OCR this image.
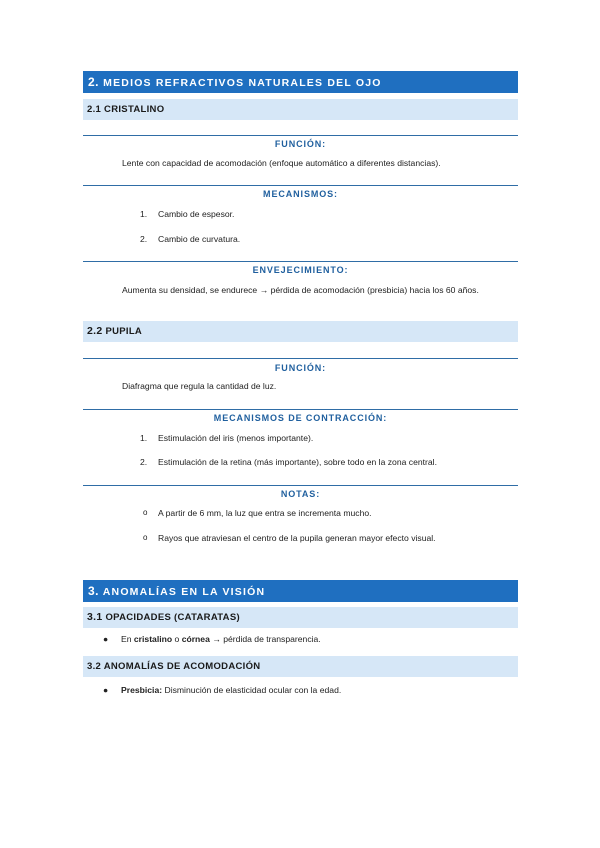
2. MEDIOS REFRACTIVOS NATURALES DEL OJO
2.1 CRISTALINO
FUNCIÓN:
Lente con capacidad de acomodación (enfoque automático a diferentes distancias).
MECANISMOS:
1. Cambio de espesor.
2. Cambio de curvatura.
ENVEJECIMIENTO:
Aumenta su densidad, se endurece → pérdida de acomodación (presbicia) hacia los 60 años.
2.2 PUPILA
FUNCIÓN:
Diafragma que regula la cantidad de luz.
MECANISMOS DE CONTRACCIÓN:
1. Estimulación del iris (menos importante).
2. Estimulación de la retina (más importante), sobre todo en la zona central.
NOTAS:
o A partir de 6 mm, la luz que entra se incrementa mucho.
o Rayos que atraviesan el centro de la pupila generan mayor efecto visual.
3. ANOMALÍAS EN LA VISIÓN
3.1 OPACIDADES (CATARATAS)
● En cristalino o córnea → pérdida de transparencia.
3.2 ANOMALÍAS DE ACOMODACIÓN
● Presbicia: Disminución de elasticidad ocular con la edad.
